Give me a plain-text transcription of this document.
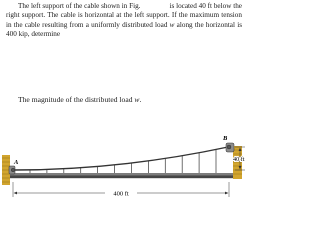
The left support of the cable shown in Fig.	is located 40 ft below the right support. The cable is horizontal at the left support. If the maximum tension in the cable resulting from a uniformly distributed load w along the horizontal is 400 kip, determine

The magnitude of the distributed load w.

A
B
40 ft
400 ft
